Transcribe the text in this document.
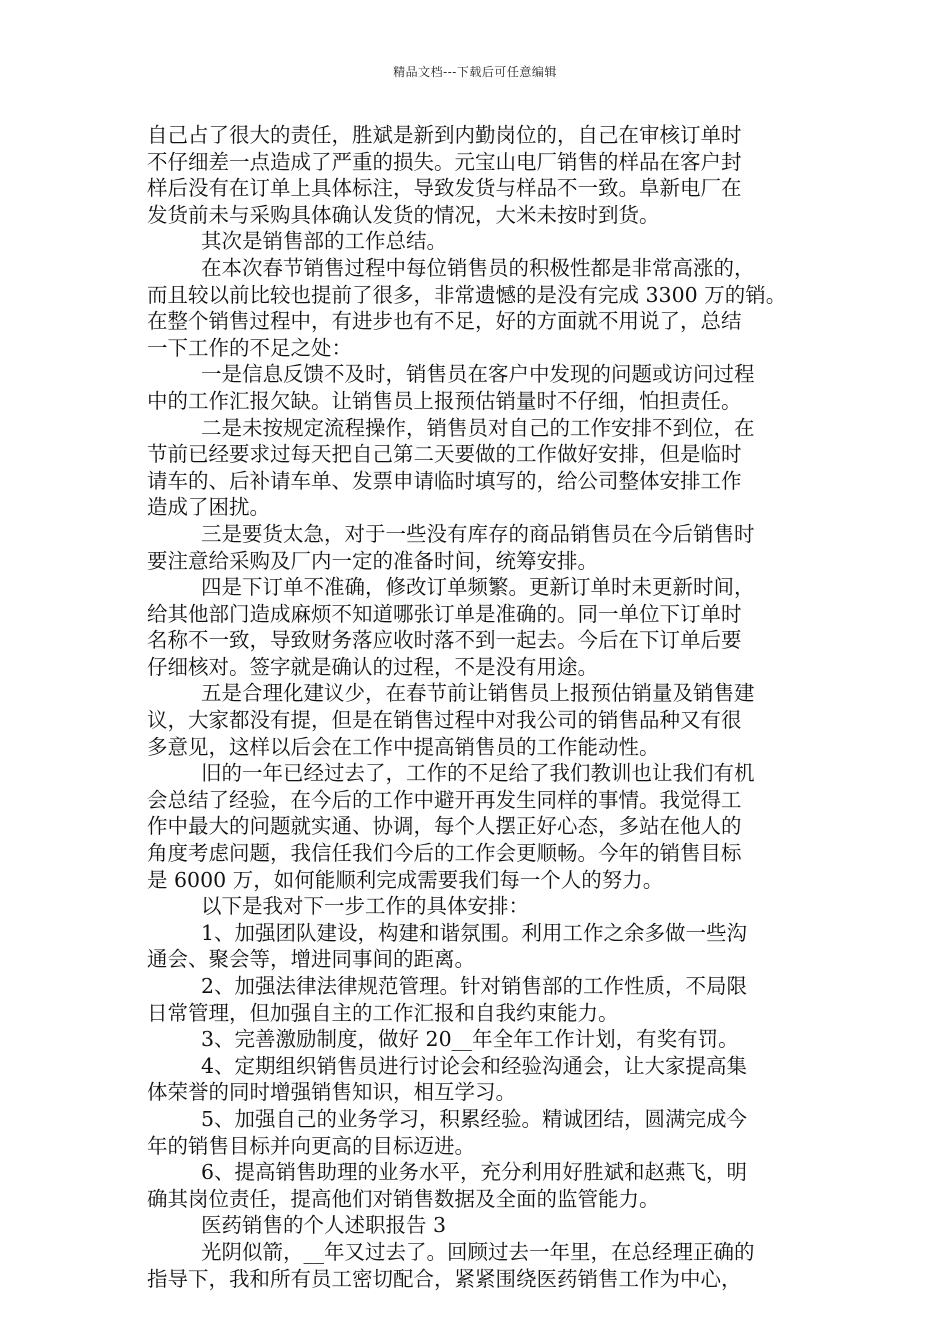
精品文档---下载后可任意编辑
自己占了很大的责任，胜斌是新到内勤岗位的，自己在审核订单时
不仔细差一点造成了严重的损失。元宝山电厂销售的样品在客户封
样后没有在订单上具体标注，导致发货与样品不一致。阜新电厂在
发货前未与采购具体确认发货的情况，大米未按时到货。
其次是销售部的工作总结。
在本次春节销售过程中每位销售员的积极性都是非常高涨的，
而且较以前比较也提前了很多，非常遗憾的是没有完成 3300 万的销。
在整个销售过程中，有进步也有不足，好的方面就不用说了，总结
一下工作的不足之处：
一是信息反馈不及时，销售员在客户中发现的问题或访问过程
中的工作汇报欠缺。让销售员上报预估销量时不仔细，怕担责任。
二是未按规定流程操作，销售员对自己的工作安排不到位，在
节前已经要求过每天把自己第二天要做的工作做好安排，但是临时
请车的、后补请车单、发票申请临时填写的，给公司整体安排工作
造成了困扰。
三是要货太急，对于一些没有库存的商品销售员在今后销售时
要注意给采购及厂内一定的准备时间，统筹安排。
四是下订单不准确，修改订单频繁。更新订单时未更新时间，
给其他部门造成麻烦不知道哪张订单是准确的。同一单位下订单时
名称不一致，导致财务落应收时落不到一起去。今后在下订单后要
仔细核对。签字就是确认的过程，不是没有用途。
五是合理化建议少，在春节前让销售员上报预估销量及销售建
议，大家都没有提，但是在销售过程中对我公司的销售品种又有很
多意见，这样以后会在工作中提高销售员的工作能动性。
旧的一年已经过去了，工作的不足给了我们教训也让我们有机
会总结了经验，在今后的工作中避开再发生同样的事情。我觉得工
作中最大的问题就实通、协调，每个人摆正好心态，多站在他人的
角度考虑问题，我信任我们今后的工作会更顺畅。今年的销售目标
是 6000 万，如何能顺利完成需要我们每一个人的努力。
以下是我对下一步工作的具体安排：
1、加强团队建设，构建和谐氛围。利用工作之余多做一些沟
通会、聚会等，增进同事间的距离。
2、加强法律法律规范管理。针对销售部的工作性质，不局限
日常管理，但加强自主的工作汇报和自我约束能力。
3、完善激励制度，做好 20__年全年工作计划，有奖有罚。
4、定期组织销售员进行讨论会和经验沟通会，让大家提高集
体荣誉的同时增强销售知识，相互学习。
5、加强自己的业务学习，积累经验。精诚团结，圆满完成今
年的销售目标并向更高的目标迈进。
6、提高销售助理的业务水平，充分利用好胜斌和赵燕飞，明
确其岗位责任，提高他们对销售数据及全面的监管能力。
医药销售的个人述职报告 3
光阴似箭，__年又过去了。回顾过去一年里，在总经理正确的
指导下，我和所有员工密切配合，紧紧围绕医药销售工作为中心，
